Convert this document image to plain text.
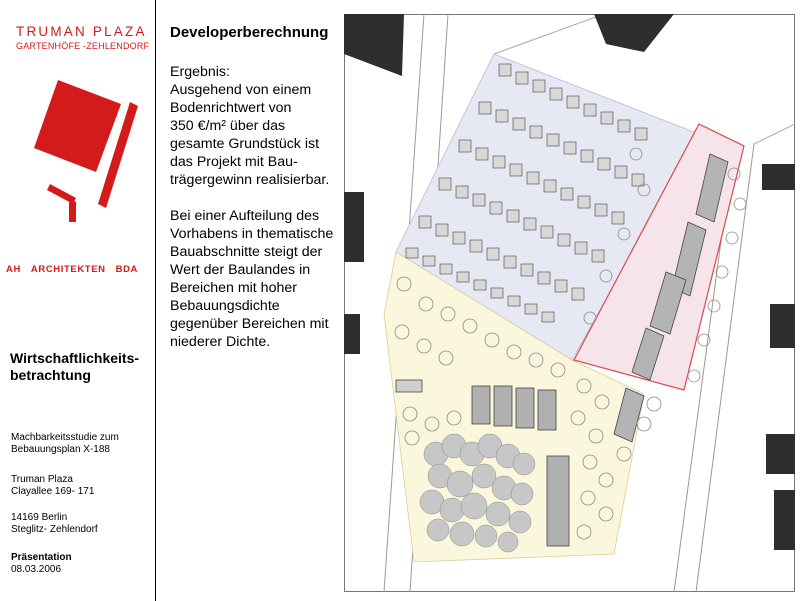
TRUMAN PLAZA
GARTENHÖFE -ZEHLENDORF
AH ARCHITEKTEN BDA
Wirtschaftlichkeits-
betrachtung
Machbarkeitsstudie zum
Bebauungsplan X-188
Truman Plaza
Clayallee 169- 171
14169 Berlin
Steglitz- Zehlendorf
Präsentation
08.03.2006
Developerberechnung

Ergebnis:
Ausgehend von einem
Bodenrichtwert von
350 €/m² über das
gesamte Grundstück ist
das Projekt mit Bau-
trägergewinn realisierbar.

Bei einer Aufteilung des
Vorhabens in thematische
Bauabschnitte steigt der
Wert der Baulandes in
Bereichen mit hoher
Bebauungsdichte
gegenüber Bereichen mit
niederer Dichte.
